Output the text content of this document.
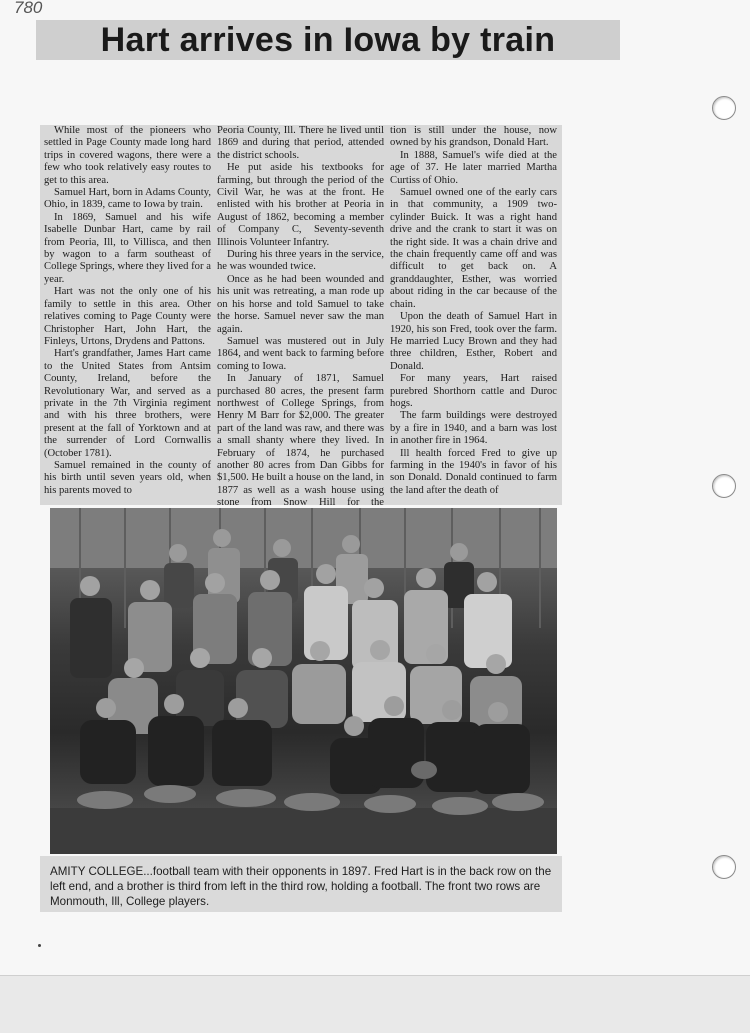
780
Hart arrives in Iowa by train

While most of the pioneers who settled in Page County made long hard trips in covered wagons, there were a few who took relatively easy routes to get to this area.

Samuel Hart, born in Adams County, Ohio, in 1839, came to Iowa by train.

In 1869, Samuel and his wife Isabelle Dunbar Hart, came by rail from Peoria, Ill, to Villisca, and then by wagon to a farm southeast of College Springs, where they lived for a year.

Hart was not the only one of his family to settle in this area. Other relatives coming to Page County were Christopher Hart, John Hart, the Finleys, Urtons, Drydens and Pattons.

Hart's grandfather, James Hart came to the United States from Antsim County, Ireland, before the Revolutionary War, and served as a private in the 7th Virginia regiment and with his three brothers, were present at the fall of Yorktown and at the surrender of Lord Cornwallis (October 1781).

Samuel remained in the county of his birth until seven years old, when his parents moved to

Peoria County, Ill. There he lived until 1869 and during that period, attended the district schools.

He put aside his textbooks for farming, but through the period of the Civil War, he was at the front. He enlisted with his brother at Peoria in August of 1862, becoming a member of Company C, Seventy-seventh Illinois Volunteer Infantry.

During his three years in the service, he was wounded twice.

Once as he had been wounded and his unit was retreating, a man rode up on his horse and told Samuel to take the horse. Samuel never saw the man again.

Samuel was mustered out in July 1864, and went back to farming before coming to Iowa.

In January of 1871, Samuel purchased 80 acres, the present farm northwest of College Springs, from Henry M Barr for $2,000. The greater part of the land was raw, and there was a small shanty where they lived. In February of 1874, he purchased another 80 acres from Dan Gibbs for $1,500. He built a house on the land, in 1877 as well as a wash house using stone from Snow Hill for the

tion is still under the house, now owned by his grandson, Donald Hart.

In 1888, Samuel's wife died at the age of 37. He later married Martha Curtiss of Ohio.

Samuel owned one of the early cars in that community, a 1909 two-cylinder Buick. It was a right hand drive and the crank to start it was on the right side. It was a chain drive and the chain frequently came off and was difficult to get back on. A granddaughter, Esther, was worried about riding in the car because of the chain.

Upon the death of Samuel Hart in 1920, his son Fred, took over the farm. He married Lucy Brown and they had three children, Esther, Robert and Donald.

For many years, Hart raised purebred Shorthorn cattle and Duroc hogs.

The farm buildings were destroyed by a fire in 1940, and a barn was lost in another fire in 1964.

Ill health forced Fred to give up farming in the 1940's in favor of his son Donald. Donald continued to farm the land after the death of

AMITY COLLEGE...football team with their opponents in 1897. Fred Hart is in the back row on the left end, and a brother is third from left in the third row, holding a football. The front two rows are Monmouth, Ill, College players.
